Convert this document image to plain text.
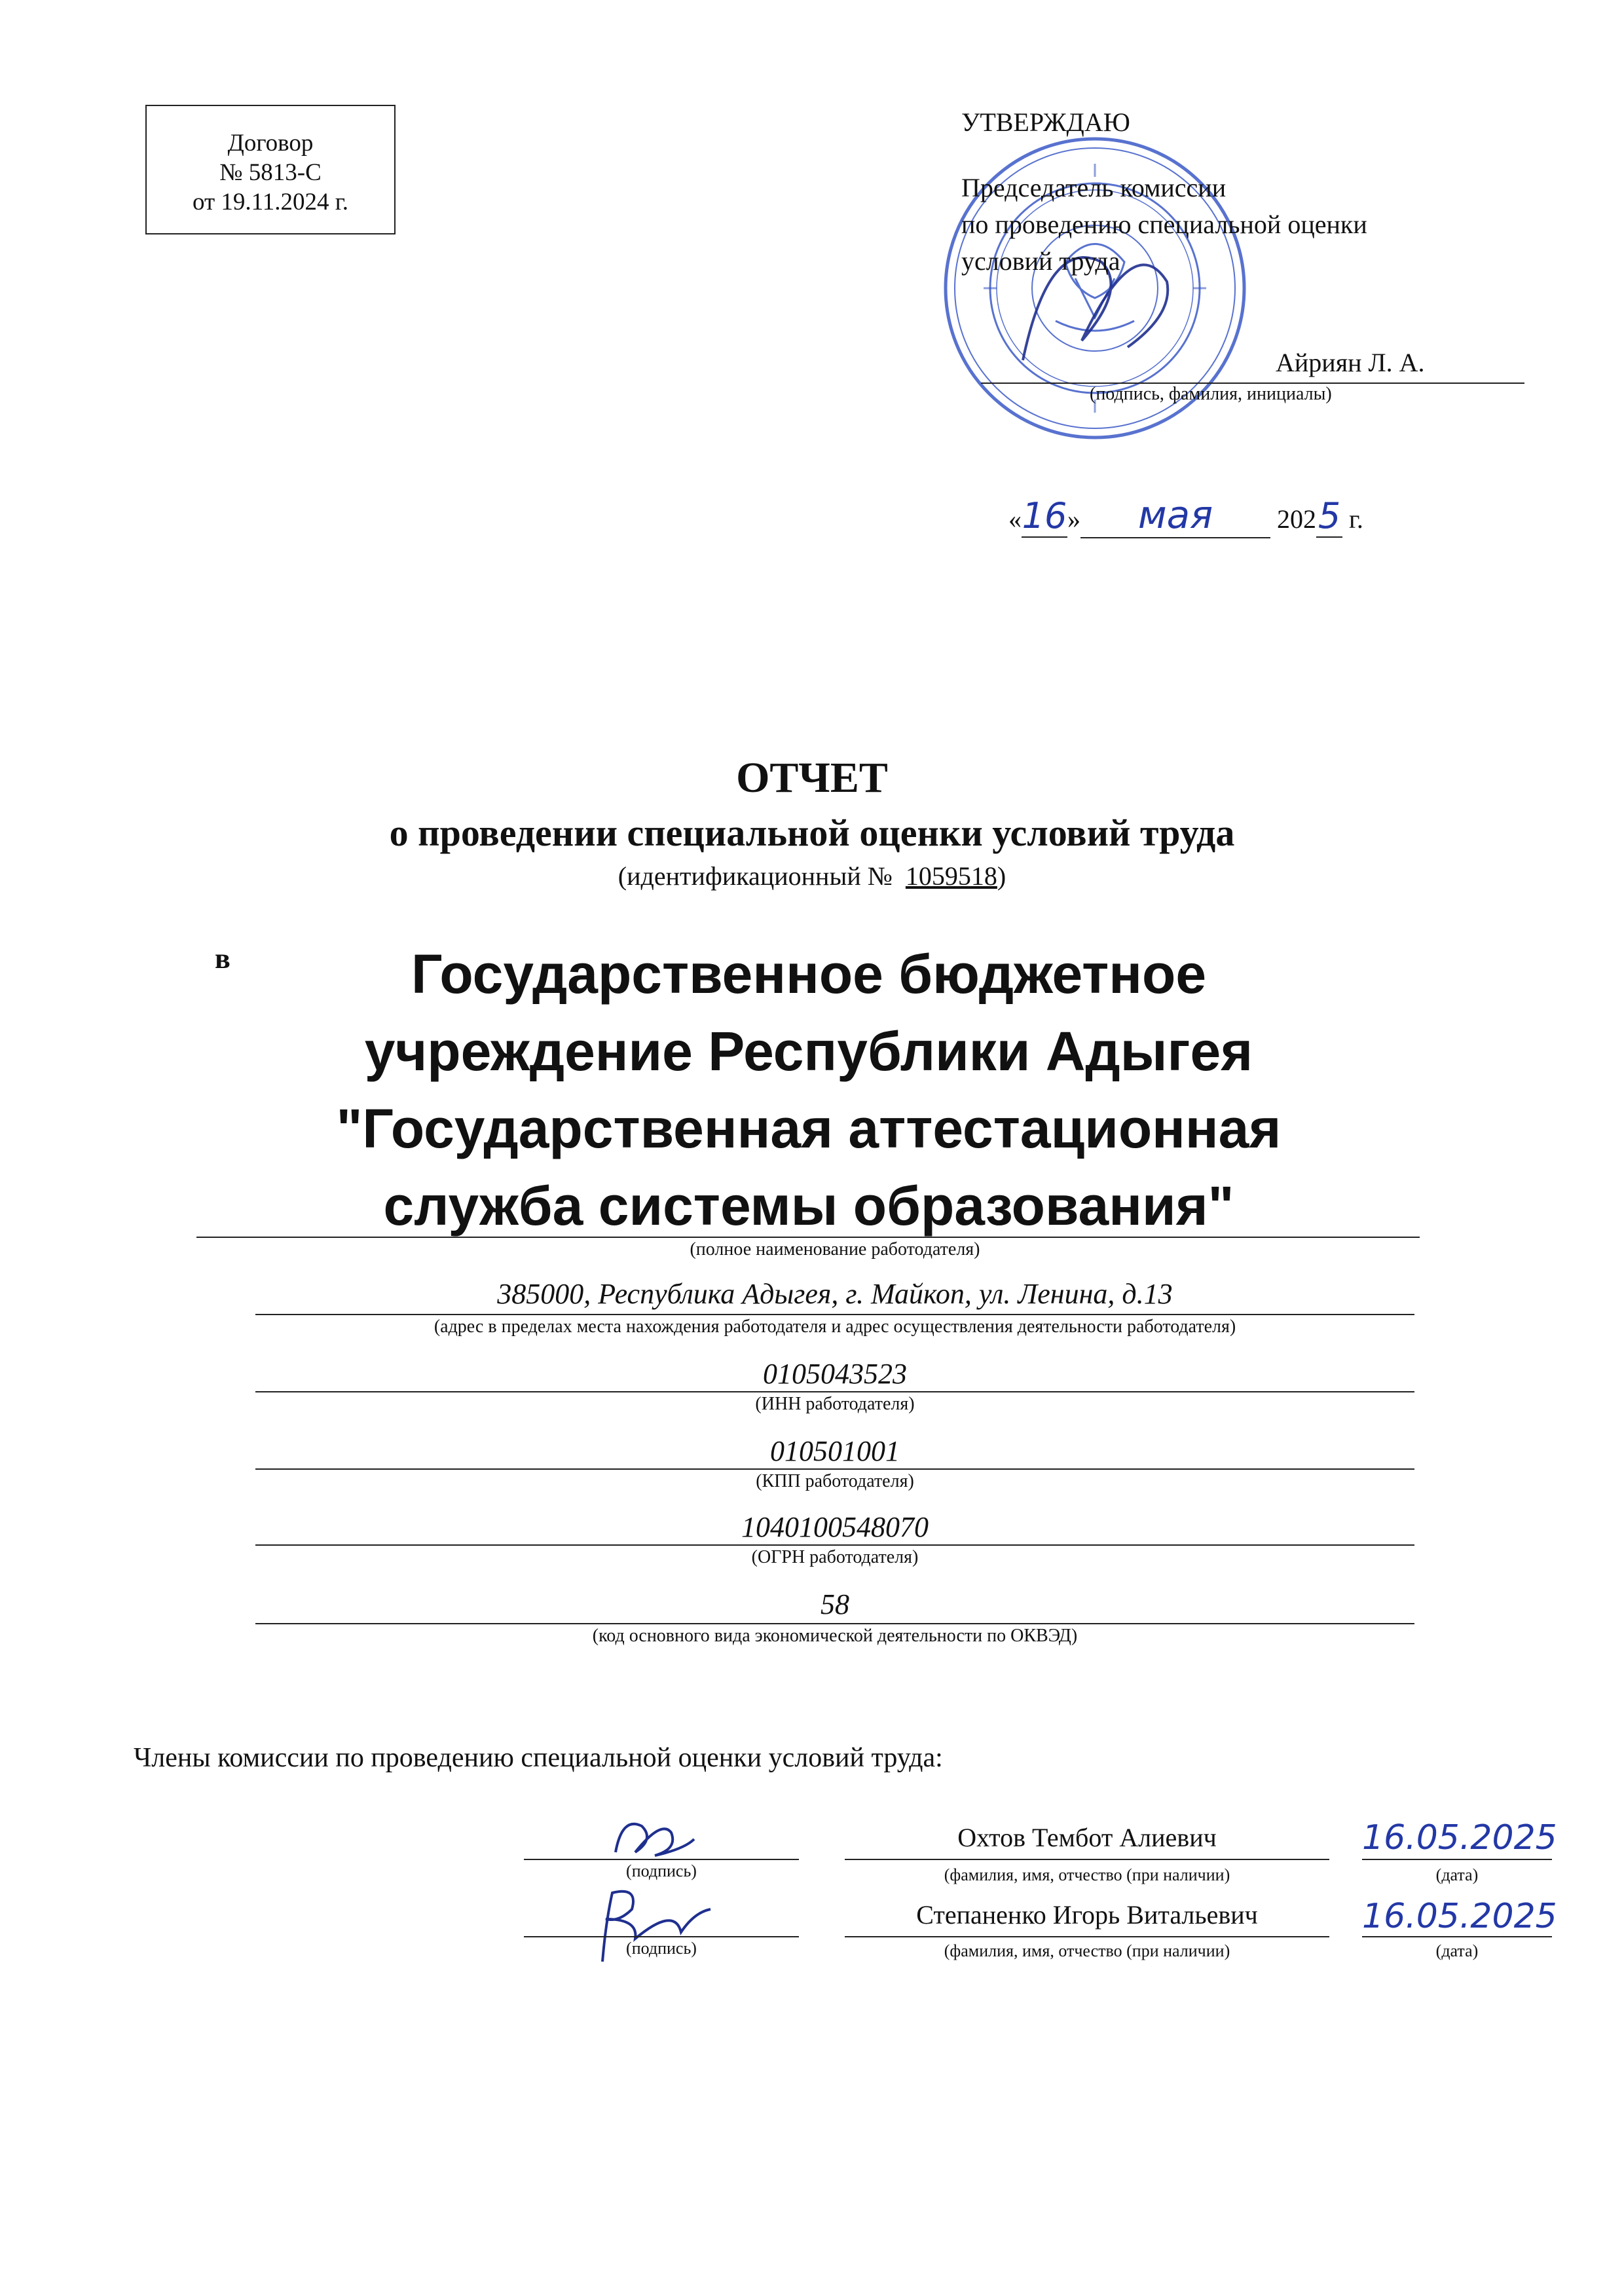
Договор
№ 5813-С
от 19.11.2024 г.
УТВЕРЖДАЮ
Председатель комиссии
по проведению специальной оценки
условий труда
Айриян Л. А.
(подпись, фамилия, инициалы)
«16» мая 2025 г.
ОТЧЕТ
о проведении специальной оценки условий труда
(идентификационный № 1059518)
в	Государственное бюджетное
учреждение Республики Адыгея
"Государственная аттестационная
служба системы образования"
(полное наименование работодателя)
385000, Республика Адыгея, г. Майкоп, ул. Ленина, д.13
(адрес в пределах места нахождения работодателя и адрес осуществления деятельности работодателя)
0105043523
(ИНН работодателя)
010501001
(КПП работодателя)
1040100548070
(ОГРН работодателя)
58
(код основного вида экономической деятельности по ОКВЭД)
Члены комиссии по проведению специальной оценки условий труда:
(подпись)
Охтов Тембот Алиевич
(фамилия, имя, отчество (при наличии)
16.05.2025
(дата)
(подпись)
Степаненко Игорь Витальевич
(фамилия, имя, отчество (при наличии)
16.05.2025
(дата)
